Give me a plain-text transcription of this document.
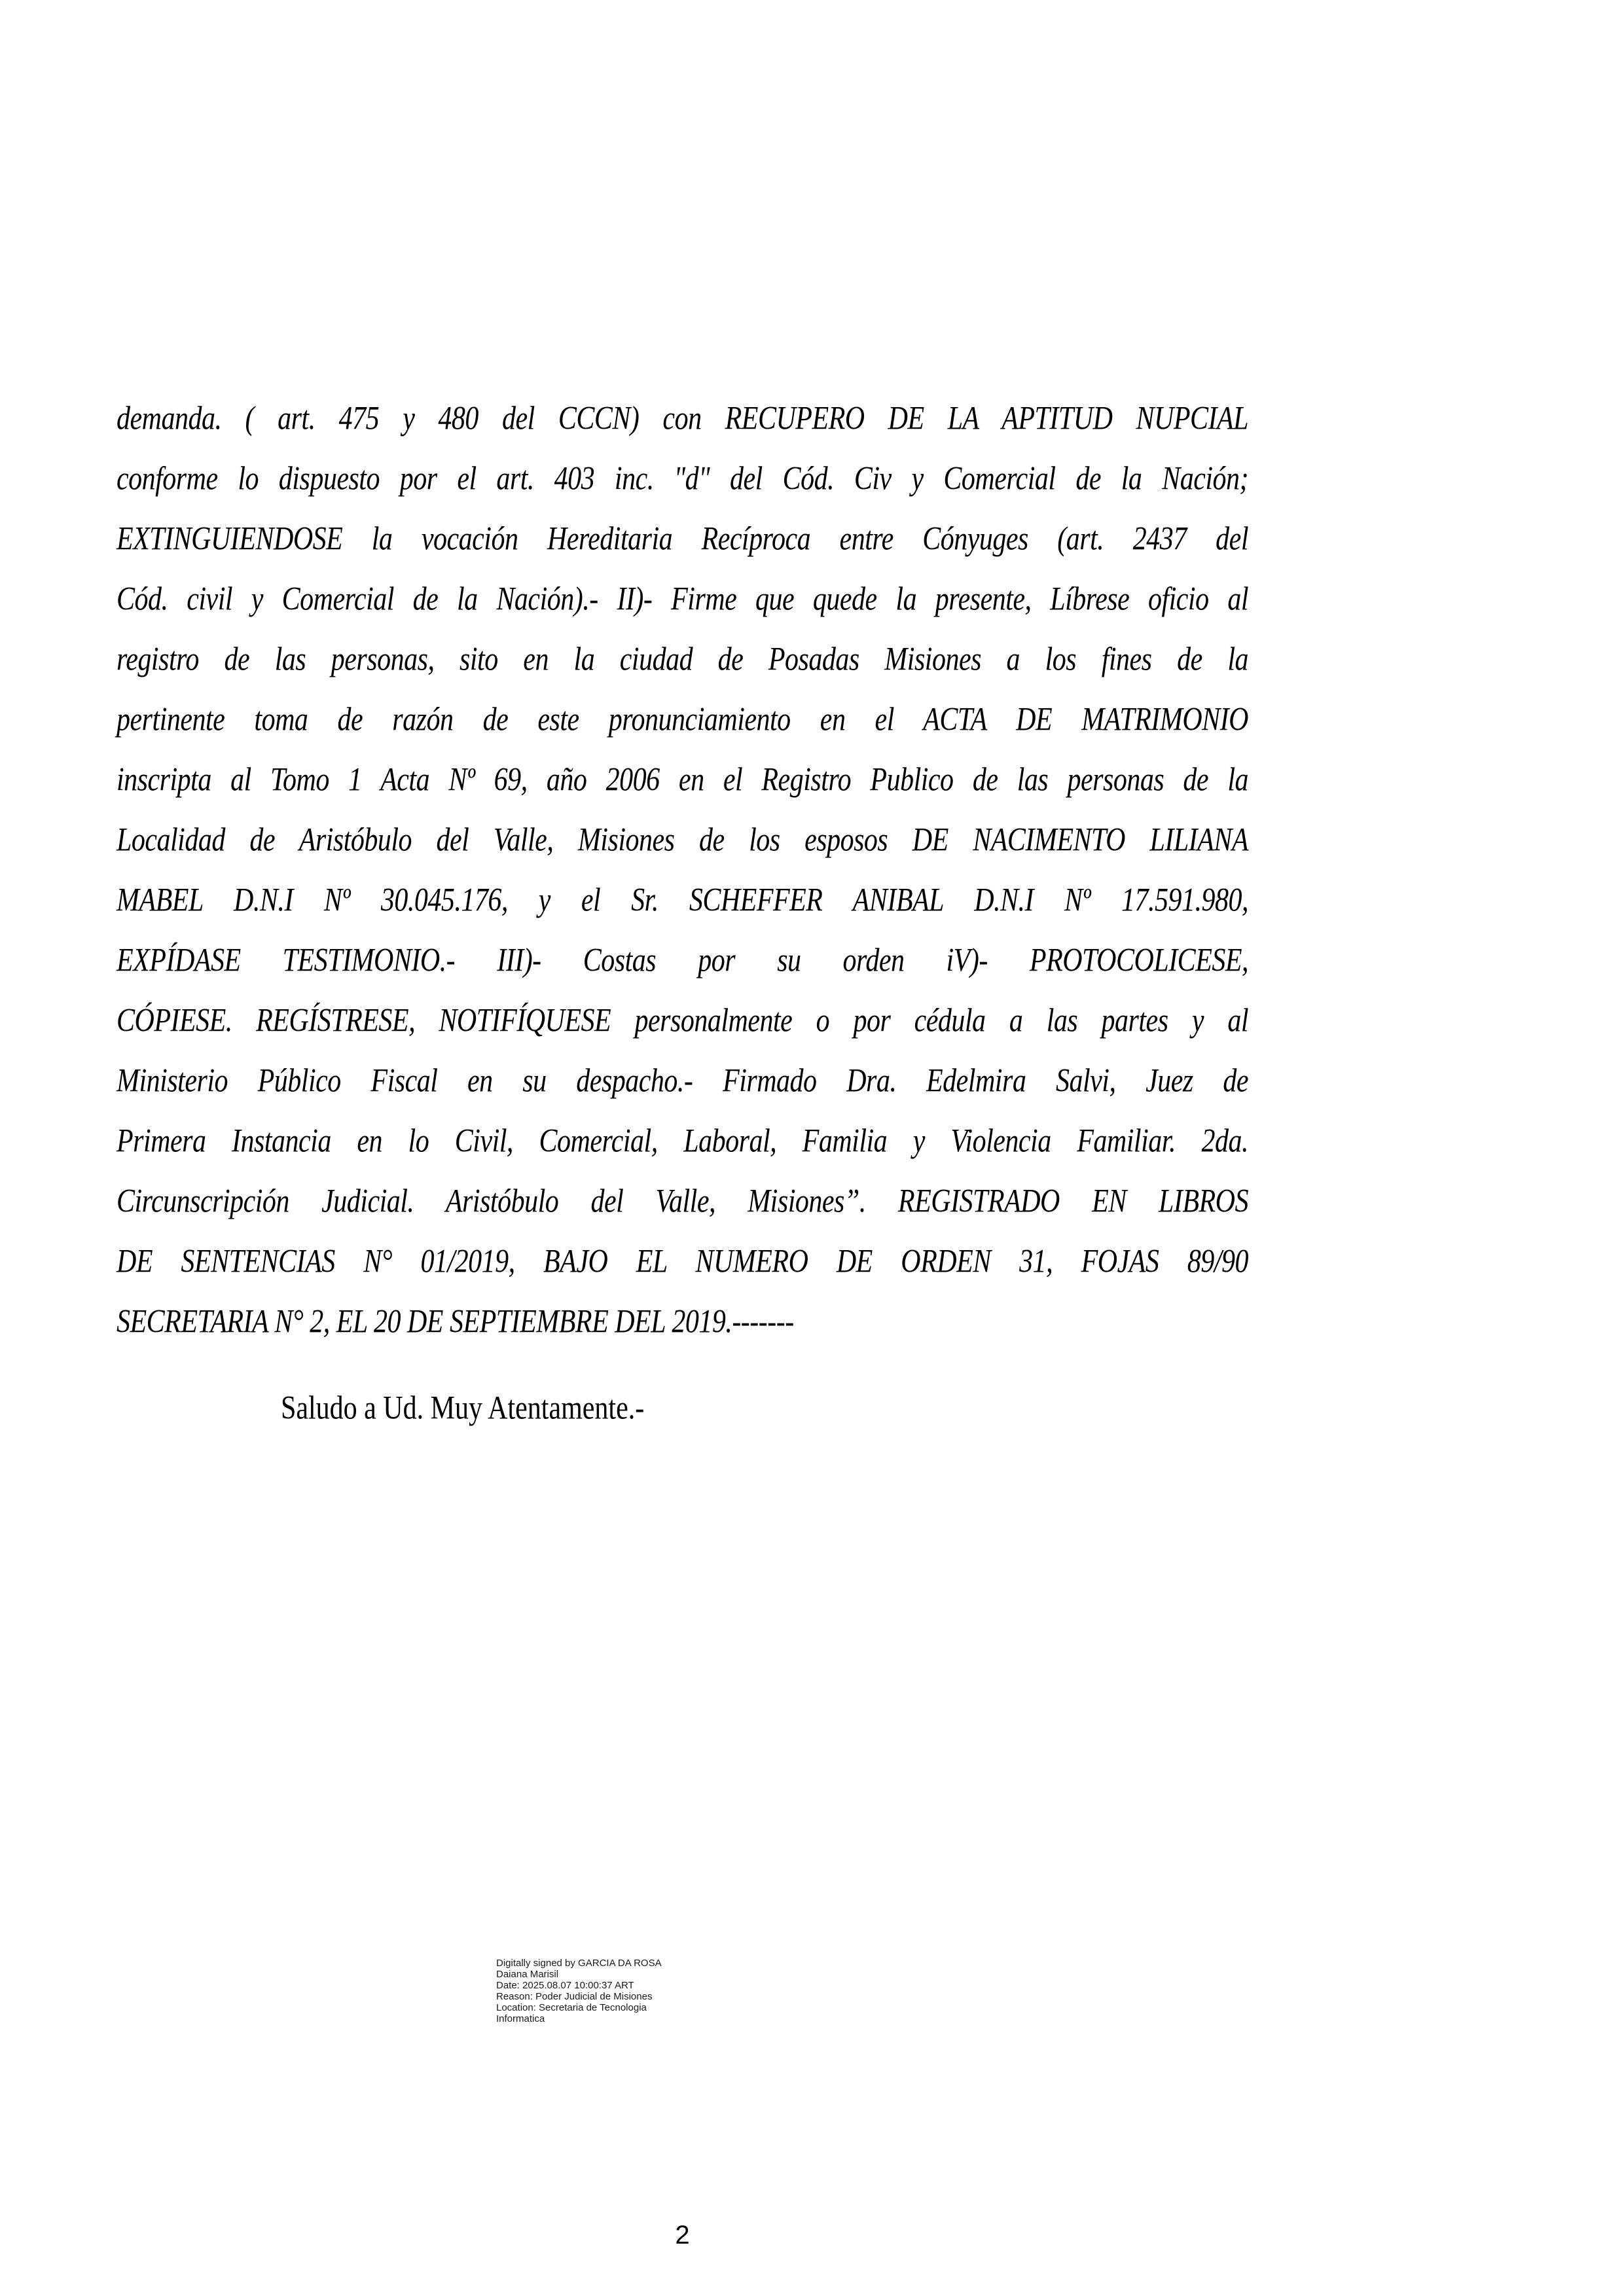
demanda. ( art. 475 y 480 del CCCN) con RECUPERO DE LA APTITUD NUPCIAL
conforme lo dispuesto por el art. 403 inc. "d" del Cód. Civ y Comercial de la Nación;
EXTINGUIENDOSE la vocación Hereditaria Recíproca entre Cónyuges (art. 2437 del
Cód. civil y Comercial de la Nación).- II)- Firme que quede la presente, Líbrese oficio al
registro de las personas, sito en la ciudad de Posadas Misiones a los fines de la
pertinente toma de razón de este pronunciamiento en el ACTA DE MATRIMONIO
inscripta al Tomo 1 Acta Nº 69, año 2006 en el Registro Publico de las personas de la
Localidad de Aristóbulo del Valle, Misiones de los esposos DE NACIMENTO LILIANA
MABEL D.N.I Nº 30.045.176, y el Sr. SCHEFFER ANIBAL D.N.I Nº 17.591.980,
EXPÍDASE TESTIMONIO.- III)- Costas por su orden iV)- PROTOCOLICESE,
CÓPIESE. REGÍSTRESE, NOTIFÍQUESE personalmente o por cédula a las partes y al
Ministerio Público Fiscal en su despacho.- Firmado Dra. Edelmira Salvi, Juez de
Primera Instancia en lo Civil, Comercial, Laboral, Familia y Violencia Familiar. 2da.
Circunscripción Judicial. Aristóbulo del Valle, Misiones”. REGISTRADO EN LIBROS
DE SENTENCIAS N° 01/2019, BAJO EL NUMERO DE ORDEN 31, FOJAS 89/90
SECRETARIA N° 2, EL 20 DE SEPTIEMBRE DEL 2019.-------
Saludo a Ud. Muy Atentamente.-
Digitally signed by GARCIA DA ROSA
Daiana Marisil
Date: 2025.08.07 10:00:37 ART
Reason: Poder Judicial de Misiones
Location: Secretaria de Tecnologia
Informatica
2
